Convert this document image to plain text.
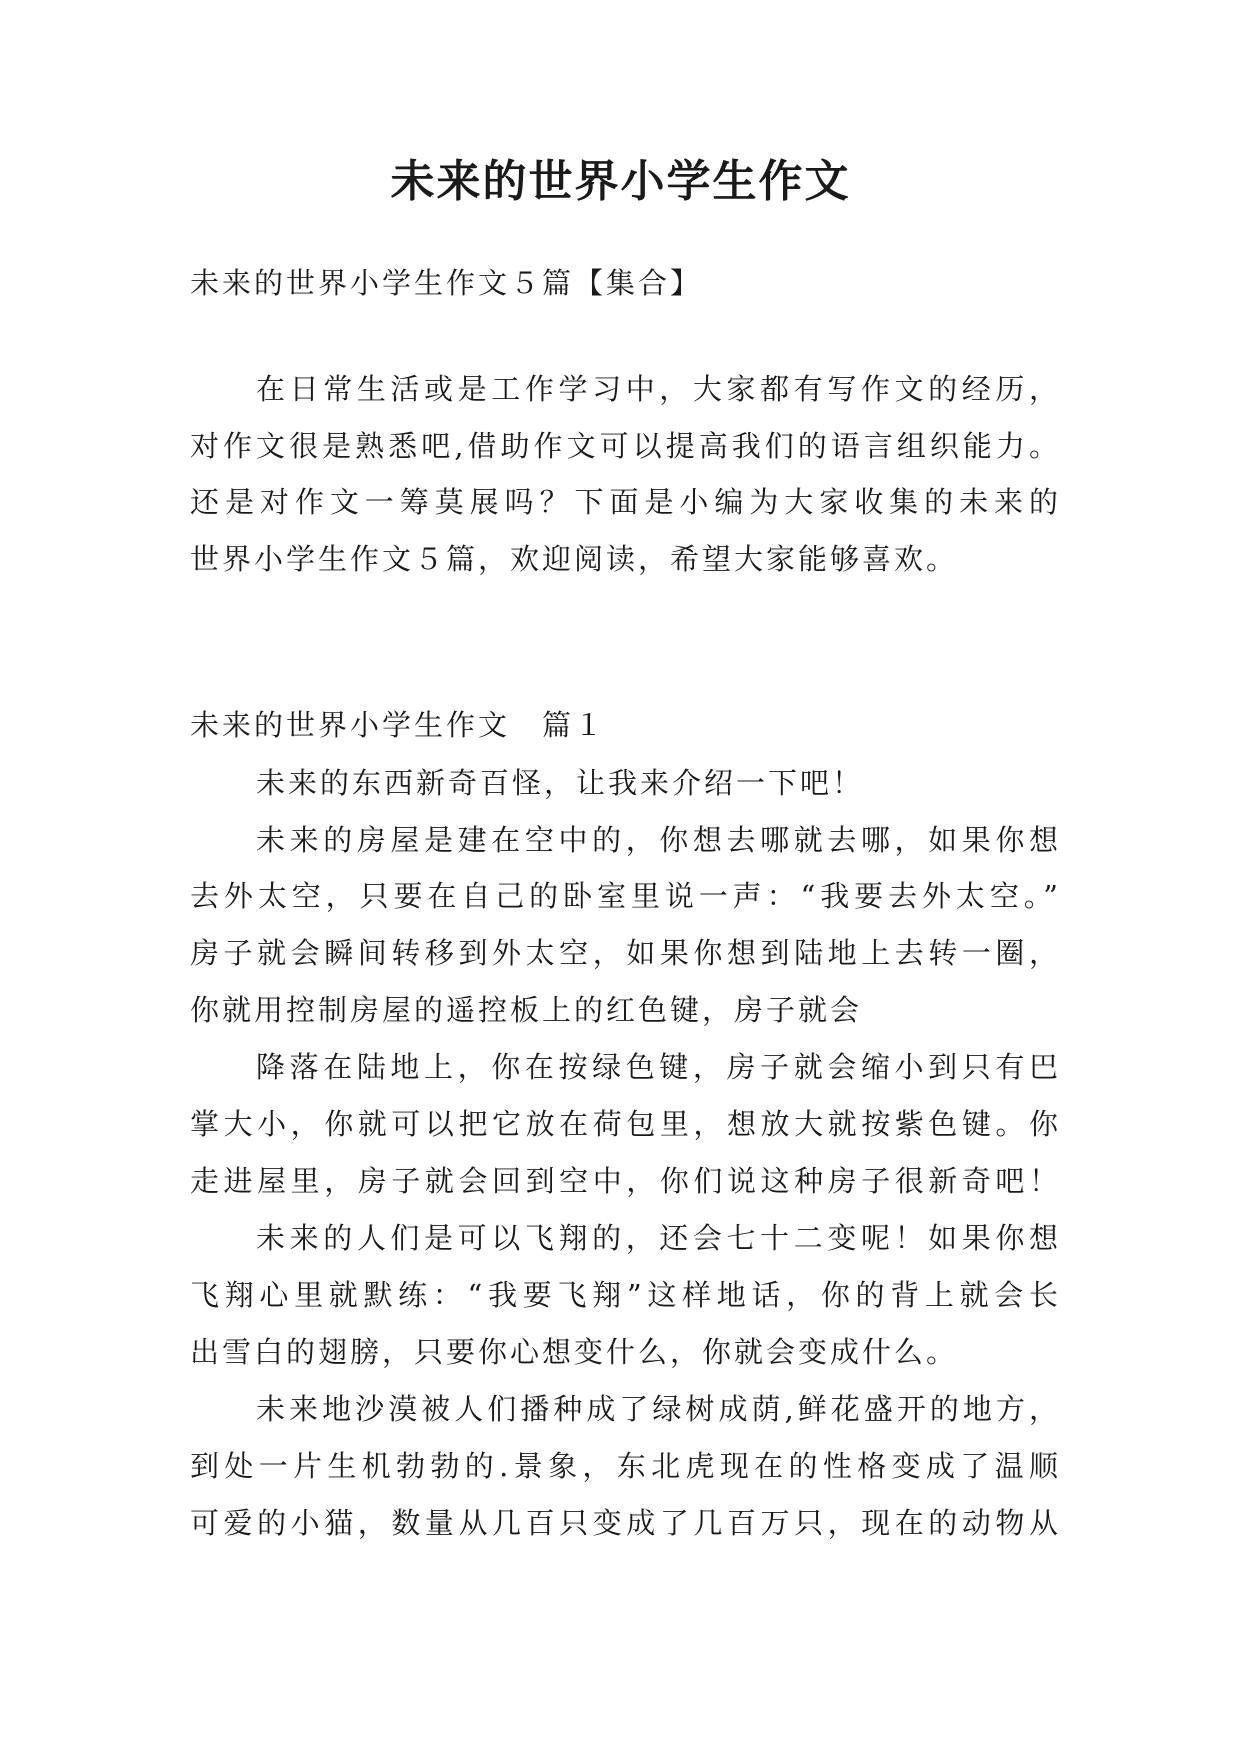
未来的世界小学生作文

未来的世界小学生作文５篇【集合】

在日常生活或是工作学习中，大家都有写作文的经历，

对作文很是熟悉吧,借助作文可以提高我们的语言组织能力。

还是对作文一筹莫展吗？下面是小编为大家收集的未来的

世界小学生作文５篇，欢迎阅读，希望大家能够喜欢。

未来的世界小学生作文　篇１

未来的东西新奇百怪，让我来介绍一下吧！

未来的房屋是建在空中的，你想去哪就去哪，如果你想

去外太空，只要在自己的卧室里说一声：“我要去外太空。”

房子就会瞬间转移到外太空，如果你想到陆地上去转一圈，

你就用控制房屋的遥控板上的红色键，房子就会

降落在陆地上，你在按绿色键，房子就会缩小到只有巴

掌大小，你就可以把它放在荷包里，想放大就按紫色键。你

走进屋里，房子就会回到空中，你们说这种房子很新奇吧！

未来的人们是可以飞翔的，还会七十二变呢！如果你想

飞翔心里就默练：“我要飞翔”这样地话，你的背上就会长

出雪白的翅膀，只要你心想变什么，你就会变成什么。

未来地沙漠被人们播种成了绿树成荫,鲜花盛开的地方，

到处一片生机勃勃的.景象，东北虎现在的性格变成了温顺

可爱的小猫，数量从几百只变成了几百万只，现在的动物从
